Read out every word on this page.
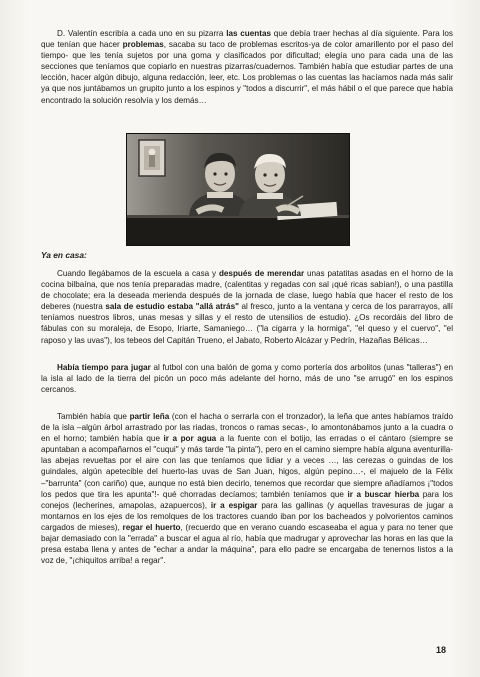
D. Valentín escribía a cada uno en su pizarra las cuentas que debía traer hechas al día siguiente. Para los que tenían que hacer problemas, sacaba su taco de problemas escritos-ya de color amarillento por el paso del tiempo- que les tenía sujetos por una goma y clasificados por dificultad; elegía uno para cada una de las secciones que teníamos que copiarlo en nuestras pizarras/cuadernos. También había que estudiar partes de una lección, hacer algún dibujo, alguna redacción, leer, etc. Los problemas o las cuentas las hacíamos nada más salir ya que nos juntábamos un grupito junto a los espinos y "todos a discurrir", el más hábil o el que parece que había encontrado la solución resolvía y los demás…

Ya en casa:

Cuando llegábamos de la escuela a casa y después de merendar unas patatitas asadas en el horno de la cocina bilbaína, que nos tenía preparadas madre, (calentitas y regadas con sal ¡qué ricas sabían!), o una pastilla de chocolate; era la deseada merienda después de la jornada de clase, luego había que hacer el resto de los deberes (nuestra sala de estudio estaba "allá atrás" al fresco, junto a la ventana y cerca de los pararrayos, allí teníamos nuestros libros, unas mesas y sillas y el resto de utensilios de estudio). ¿Os recordáis del libro de fábulas con su moraleja, de Esopo, Iriarte, Samaniego… ("la cigarra y la hormiga", "el queso y el cuervo", "el raposo y las uvas"), los tebeos del Capitán Trueno, el Jabato, Roberto Alcázar y Pedrín, Hazañas Bélicas…

Había tiempo para jugar al futbol con una balón de goma y como portería dos arbolitos (unas "talleras") en la isla al lado de la tierra del picón un poco más adelante del horno, más de uno "se arrugó" en los espinos cercanos.

También había que partir leña (con el hacha o serrarla con el tronzador), la leña que antes habíamos traído de la isla –algún árbol arrastrado por las riadas, troncos o ramas secas-, lo amontonábamos junto a la cuadra o en el horno; también había que ir a por agua a la fuente con el botijo, las erradas o el cántaro (siempre se apuntaban a acompañarnos el "cuqui" y más tarde "la pinta"), pero en el camino siempre había alguna aventurilla-las abejas revueltas por el aire con las que teníamos que lidiar y a veces …, las cerezas o guindas de los guindales, algún apetecible del huerto-las uvas de San Juan, higos, algún pepino…-, el majuelo de la Félix –"barrunta" (con cariño) que, aunque no está bien decirlo, tenemos que recordar que siempre añadíamos ¡"todos los pedos que tira les apunta"!- qué chorradas decíamos; también teníamos que ir a buscar hierba para los conejos (lecherines, amapolas, azapuercos), ir a espigar para las gallinas (y aquellas travesuras de jugar a montarnos en los ejes de los remolques de los tractores cuando iban por los bacheados y polvorientos caminos cargados de mieses), regar el huerto, (recuerdo que en verano cuando escaseaba el agua y para no tener que bajar demasiado con la "errada" a buscar el agua al río, había que madrugar y aprovechar las horas en las que la presa estaba llena y antes de "echar a andar la máquina", para ello padre se encargaba de tenernos listos a la voz de, "¡chiquitos arriba! a regar".

18
